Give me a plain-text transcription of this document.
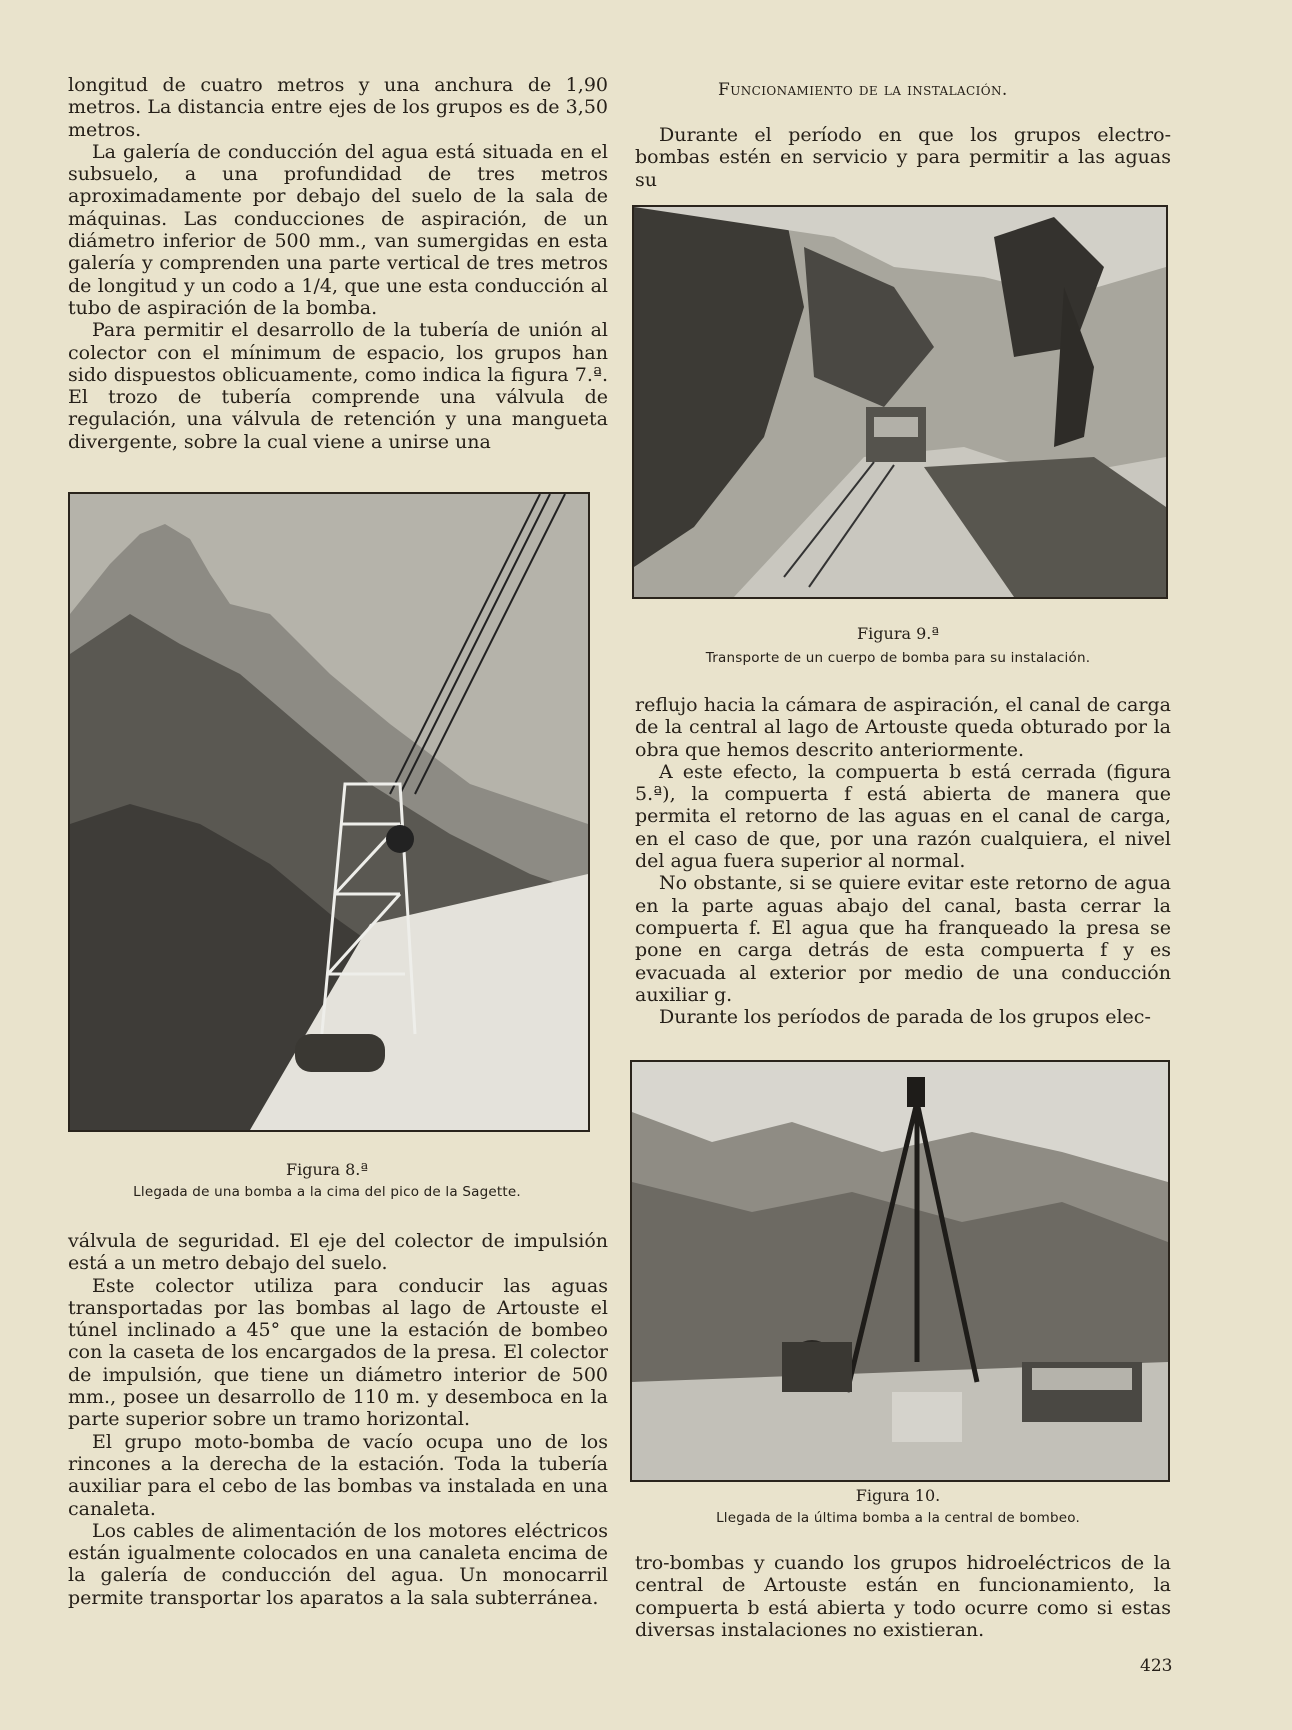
longitud de cuatro metros y una anchura de 1,90 metros. La distancia entre ejes de los grupos es de 3,50 metros.

La galería de conducción del agua está situada en el subsuelo, a una profundidad de tres metros aproximadamente por debajo del suelo de la sala de máquinas. Las conducciones de aspiración, de un diámetro inferior de 500 mm., van sumergidas en esta galería y comprenden una parte vertical de tres metros de longitud y un codo a 1/4, que une esta conducción al tubo de aspiración de la bomba.

Para permitir el desarrollo de la tubería de unión al colector con el mínimum de espacio, los grupos han sido dispuestos oblicuamente, como indica la figura 7.ª. El trozo de tubería comprende una válvula de regulación, una válvula de retención y una mangueta divergente, sobre la cual viene a unirse una

Figura 8.ª
Llegada de una bomba a la cima del pico de la Sagette.

válvula de seguridad. El eje del colector de impulsión está a un metro debajo del suelo.

Este colector utiliza para conducir las aguas transportadas por las bombas al lago de Artouste el túnel inclinado a 45° que une la estación de bombeo con la caseta de los encargados de la presa. El colector de impulsión, que tiene un diámetro interior de 500 mm., posee un desarrollo de 110 m. y desemboca en la parte superior sobre un tramo horizontal.

El grupo moto-bomba de vacío ocupa uno de los rincones a la derecha de la estación. Toda la tubería auxiliar para el cebo de las bombas va instalada en una canaleta.

Los cables de alimentación de los motores eléctricos están igualmente colocados en una canaleta encima de la galería de conducción del agua. Un monocarril permite transportar los aparatos a la sala subterránea.

Funcionamiento de la instalación.

Durante el período en que los grupos electro-bombas estén en servicio y para permitir a las aguas su

Figura 9.ª
Transporte de un cuerpo de bomba para su instalación.

reflujo hacia la cámara de aspiración, el canal de carga de la central al lago de Artouste queda obturado por la obra que hemos descrito anteriormente.

A este efecto, la compuerta b está cerrada (figura 5.ª), la compuerta f está abierta de manera que permita el retorno de las aguas en el canal de carga, en el caso de que, por una razón cualquiera, el nivel del agua fuera superior al normal.

No obstante, si se quiere evitar este retorno de agua en la parte aguas abajo del canal, basta cerrar la compuerta f. El agua que ha franqueado la presa se pone en carga detrás de esta compuerta f y es evacuada al exterior por medio de una conducción auxiliar g.

Durante los períodos de parada de los grupos elec-

Figura 10.
Llegada de la última bomba a la central de bombeo.

tro-bombas y cuando los grupos hidroeléctricos de la central de Artouste están en funcionamiento, la compuerta b está abierta y todo ocurre como si estas diversas instalaciones no existieran.

423
